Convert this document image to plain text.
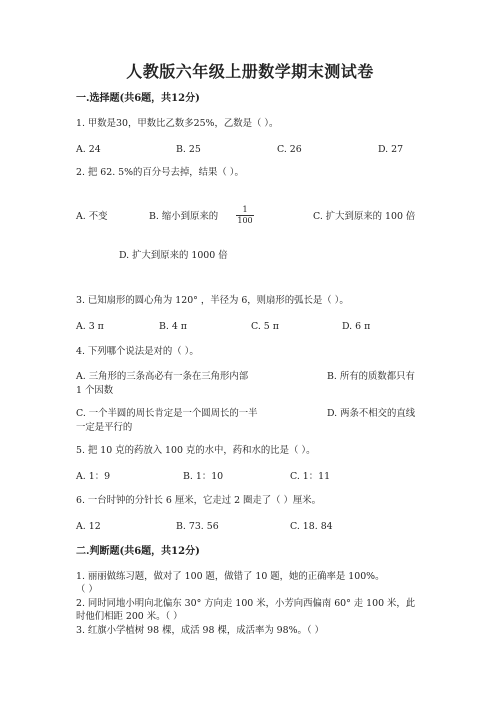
人教版六年级上册数学期末测试卷
一.选择题(共6题，共12分)
1. 甲数是30，甲数比乙数多25%，乙数是（ ）。
A. 24	B. 25	C. 26	D. 27
2. 把 62. 5%的百分号去掉，结果（ ）。
A. 不变	B. 缩小到原来的
1
100	C. 扩大到原来的 100 倍
D. 扩大到原来的 1000 倍
3. 已知扇形的圆心角为 120° ，半径为 6，则扇形的弧长是（ ）。
A. 3 π	B. 4 π	C. 5 π	D. 6 π
4. 下列哪个说法是对的（ ）。
A. 三角形的三条高必有一条在三角形内部	B. 所有的质数都只有
1 个因数
C. 一个半圆的周长肯定是一个圆周长的一半	D. 两条不相交的直线
一定是平行的
5. 把 10 克的药放入 100 克的水中，药和水的比是（ ）。
A. 1：9	B. 1：10	C. 1：11
6. 一台时钟的分针长 6 厘米，它走过 2 圈走了（ ）厘米。
A. 12	B. 73. 56	C. 18. 84
二.判断题(共6题，共12分)
1. 丽丽做练习题，做对了 100 题，做错了 10 题，她的正确率是 100%。
（ ）
2. 同时同地小明向北偏东 30° 方向走 100 米，小芳向西偏南 60° 走 100 米，此
时他们相距 200 米。（ ）
3. 红旗小学植树 98 棵，成活 98 棵，成活率为 98%。（ ）
